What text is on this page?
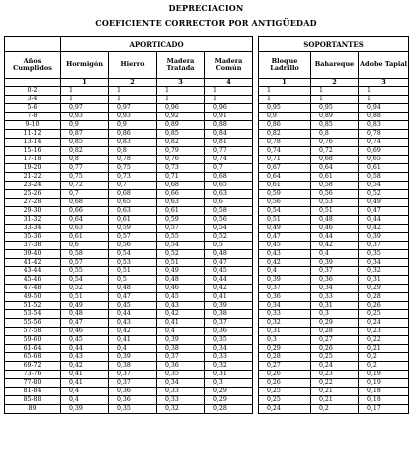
DEPRECIACION
COEFICIENTE CORRECTOR POR ANTIGÜEDAD
	APORTICADO					SOPORTANTES		
Años Cumplidos	Hormigón	Hierro	Madera Tratada	Madera Común		Bloque Ladrillo	Bahareque	Adobe Tapial
	1	2	3	4		1	2	3
0-2	1	1	1	1		1	1	1
3-4	1	1	1	1		1	1	1
5-6	0,97	0,97	0,96	0,96		0,95	0,95	0,94
7-8	0,93	0,93	0,92	0,91		0,9	0,89	0,88
9-10	0,9	0,9	0,89	0,88		0,86	0,85	0,83
11-12	0,87	0,86	0,85	0,84		0,82	0,8	0,78
13-14	0,85	0,83	0,82	0,81		0,78	0,76	0,74
15-16	0,82	0,8	0,79	0,77		0,74	0,72	0,69
17-18	0,8	0,78	0,76	0,74		0,71	0,68	0,65
19-20	0,77	0,75	0,73	0,7		0,67	0,64	0,61
21-22	0,75	0,73	0,71	0,68		0,64	0,61	0,58
23-24	0,72	0,7	0,68	0,65		0,61	0,58	0,54
25-26	0,7	0,68	0,66	0,63		0,59	0,56	0,52
27-28	0,68	0,65	0,63	0,6		0,56	0,53	0,49
29-30	0,66	0,63	0,61	0,58		0,54	0,51	0,47
31-32	0,64	0,61	0,59	0,56		0,51	0,48	0,44
33-34	0,63	0,59	0,57	0,54		0,49	0,46	0,42
35-36	0,61	0,57	0,55	0,52		0,47	0,44	0,39
37-38	0,6	0,56	0,54	0,5		0,45	0,42	0,37
39-40	0,58	0,54	0,52	0,48		0,43	0,4	0,35
41-42	0,57	0,53	0,51	0,47		0,42	0,39	0,34
43-44	0,55	0,51	0,49	0,45		0,4	0,37	0,32
45-46	0,54	0,5	0,48	0,44		0,39	0,36	0,31
47-48	0,52	0,48	0,46	0,42		0,37	0,34	0,29
49-50	0,51	0,47	0,45	0,41		0,36	0,33	0,28
51-52	0,49	0,45	0,43	0,39		0,34	0,31	0,26
53-54	0,48	0,44	0,42	0,38		0,33	0,3	0,25
55-56	0,47	0,43	0,41	0,37		0,32	0,29	0,24
57-58	0,46	0,42	0,4	0,36		0,31	0,28	0,23
59-60	0,45	0,41	0,39	0,35		0,3	0,27	0,22
61-64	0,44	0,4	0,38	0,34		0,29	0,26	0,21
65-68	0,43	0,39	0,37	0,33		0,28	0,25	0,2
69-72	0,42	0,38	0,36	0,32		0,27	0,24	0,2
73-76	0,41	0,37	0,35	0,31		0,26	0,23	0,19
77-80	0,41	0,37	0,34	0,3		0,26	0,22	0,19
81-84	0,4	0,36	0,33	0,29		0,25	0,21	0,18
85-88	0,4	0,36	0,33	0,29		0,25	0,21	0,18
89	0,39	0,35	0,32	0,28		0,24	0,2	0,17
